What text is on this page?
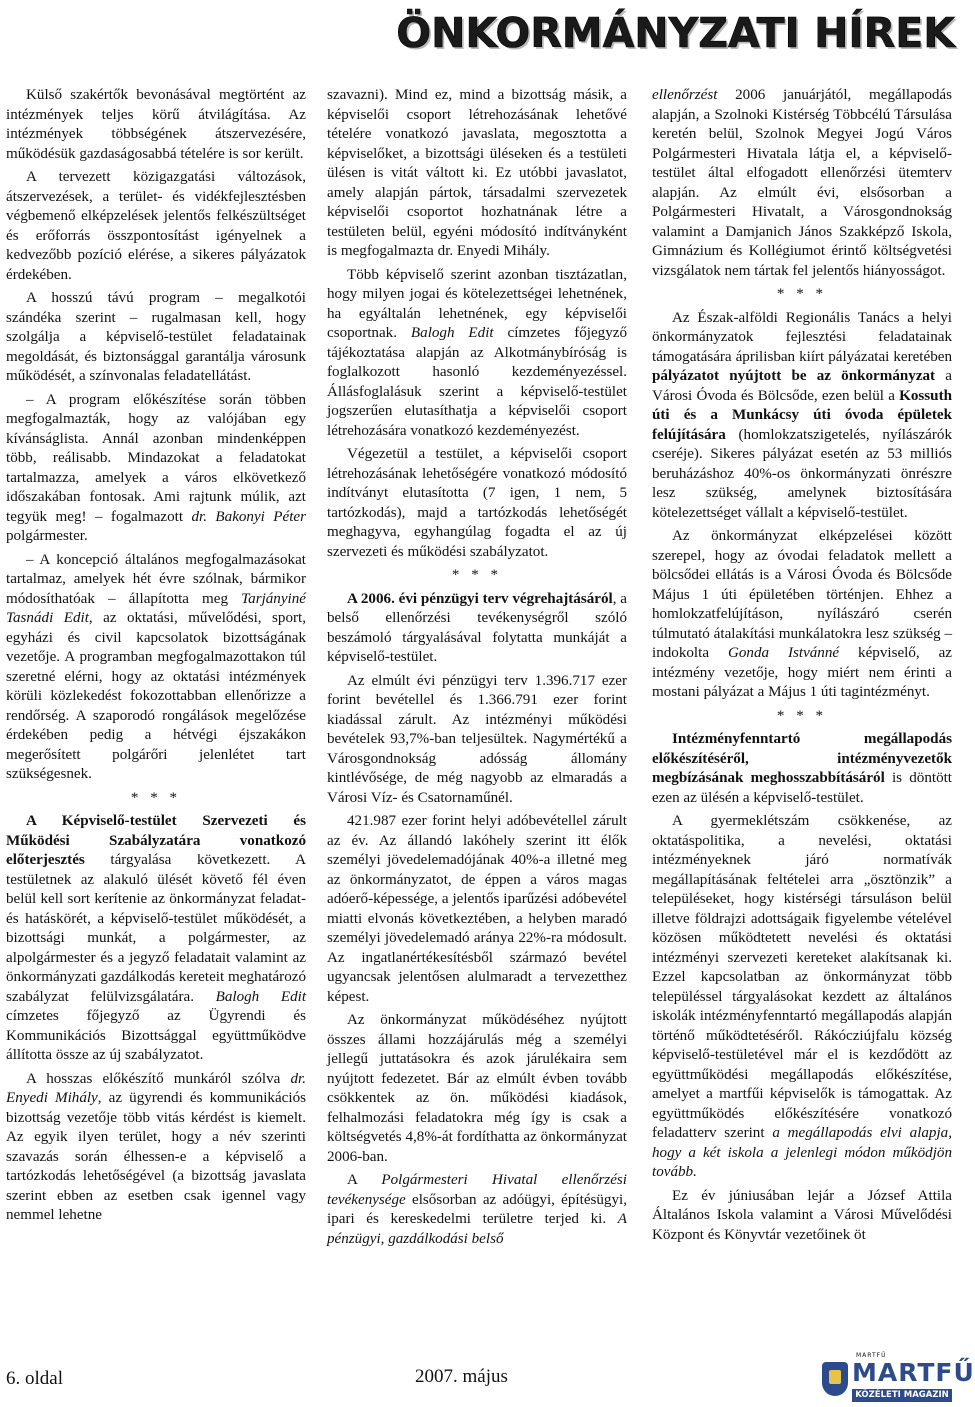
ÖNKORMÁNYZATI HÍREK

Külső szakértők bevonásával megtörtént az intézmények teljes körű átvilágítása. Az intézmények többségének átszervezésére, működésük gazdaságosabbá tételére is sor került.

A tervezett közigazgatási változások, átszervezések, a terület- és vidékfejlesztésben végbemenő elképzelések jelentős felkészültséget és erőforrás összpontosítást igényelnek a kedvezőbb pozíció elérése, a sikeres pályázatok érdekében.

A hosszú távú program – megalkotói szándéka szerint – rugalmasan kell, hogy szolgálja a képviselő-testület feladatainak megoldását, és biztonsággal garantálja városunk működését, a színvonalas feladatellátást.

– A program előkészítése során többen megfogalmazták, hogy az valójában egy kívánságlista. Annál azonban mindenképpen több, reálisabb. Mindazokat a feladatokat tartalmazza, amelyek a város elkövetkező időszakában fontosak. Ami rajtunk múlik, azt tegyük meg! – fogalmazott dr. Bakonyi Péter polgármester.

– A koncepció általános megfogalmazásokat tartalmaz, amelyek hét évre szólnak, bármikor módosíthatóak – állapította meg Tarjányiné Tasnádi Edit, az oktatási, művelődési, sport, egyházi és civil kapcsolatok bizottságának vezetője. A programban megfogalmazottakon túl szeretné elérni, hogy az oktatási intézmények körüli közlekedést fokozottabban ellenőrizze a rendőrség. A szaporodó rongálások megelőzése érdekében pedig a hétvégi éjszakákon megerősített polgárőri jelenlétet tart szükségesnek.

* * *

A Képviselő-testület Szervezeti és Működési Szabályzatára vonatkozó előterjesztés tárgyalása következett. A testületnek az alakuló ülését követő fél éven belül kell sort kerítenie az önkormányzat feladat- és hatáskörét, a képviselő-testület működését, a bizottsági munkát, a polgármester, az alpolgármester és a jegyző feladatait valamint az önkormányzati gazdálkodás kereteit meghatározó szabályzat felülvizsgálatára. Balogh Edit címzetes főjegyző az Ügyrendi és Kommunikációs Bizottsággal együttműködve állította össze az új szabályzatot.

A hosszas előkészítő munkáról szólva dr. Enyedi Mihály, az ügyrendi és kommunikációs bizottság vezetője több vitás kérdést is kiemelt. Az egyik ilyen terület, hogy a név szerinti szavazás során élhessen-e a képviselő a tartózkodás lehetőségével (a bizottság javaslata szerint ebben az esetben csak igennel vagy nemmel lehetne

szavazni). Mind ez, mind a bizottság másik, a képviselői csoport létrehozásának lehetővé tételére vonatkozó javaslata, megosztotta a képviselőket, a bizottsági üléseken és a testületi ülésen is vitát váltott ki. Ez utóbbi javaslatot, amely alapján pártok, társadalmi szervezetek képviselői csoportot hozhatnának létre a testületen belül, egyéni módosító indítványként is megfogalmazta dr. Enyedi Mihály.

Több képviselő szerint azonban tisztázatlan, hogy milyen jogai és kötelezettségei lehetnének, ha egyáltalán lehetnének, egy képviselői csoportnak. Balogh Edit címzetes főjegyző tájékoztatása alapján az Alkotmánybíróság is foglalkozott hasonló kezdeményezéssel. Állásfoglalásuk szerint a képviselő-testület jogszerűen elutasíthatja a képviselői csoport létrehozására vonatkozó kezdeményezést.

Végezetül a testület, a képviselői csoport létrehozásának lehetőségére vonatkozó módosító indítványt elutasította (7 igen, 1 nem, 5 tartózkodás), majd a tartózkodás lehetőségét meghagyva, egyhangúlag fogadta el az új szervezeti és működési szabályzatot.

* * *

A 2006. évi pénzügyi terv végrehajtásáról, a belső ellenőrzési tevékenységről szóló beszámoló tárgyalásával folytatta munkáját a képviselő-testület.

Az elmúlt évi pénzügyi terv 1.396.717 ezer forint bevétellel és 1.366.791 ezer forint kiadással zárult. Az intézményi működési bevételek 93,7%-ban teljesültek. Nagymértékű a Városgondnokság adósság állomány kintlévősége, de még nagyobb az elmaradás a Városi Víz- és Csatornaműnél.

421.987 ezer forint helyi adóbevétellel zárult az év. Az állandó lakóhely szerint itt élők személyi jövedelemadójának 40%-a illetné meg az önkormányzatot, de éppen a város magas adóerő-képessége, a jelentős iparűzési adóbevétel miatti elvonás következtében, a helyben maradó személyi jövedelemadó aránya 22%-ra módosult. Az ingatlanértékesítésből származó bevétel ugyancsak jelentősen alulmaradt a tervezetthez képest.

Az önkormányzat működéséhez nyújtott összes állami hozzájárulás még a személyi jellegű juttatásokra és azok járulékaira sem nyújtott fedezetet. Bár az elmúlt évben tovább csökkentek az ön. működési kiadások, felhalmozási feladatokra még így is csak a költségvetés 4,8%-át fordíthatta az önkormányzat 2006-ban.

A Polgármesteri Hivatal ellenőrzési tevékenysége elsősorban az adóügyi, építésügyi, ipari és kereskedelmi területre terjed ki. A pénzügyi, gazdálkodási belső

ellenőrzést 2006 januárjától, megállapodás alapján, a Szolnoki Kistérség Többcélú Társulása keretén belül, Szolnok Megyei Jogú Város Polgármesteri Hivatala látja el, a képviselő-testület által elfogadott ellenőrzési ütemterv alapján. Az elmúlt évi, elsősorban a Polgármesteri Hivatalt, a Városgondnokság valamint a Damjanich János Szakképző Iskola, Gimnázium és Kollégiumot érintő költségvetési vizsgálatok nem tártak fel jelentős hiányosságot.

* * *

Az Észak-alföldi Regionális Tanács a helyi önkormányzatok fejlesztési feladatainak támogatására áprilisban kiírt pályázatai keretében pályázatot nyújtott be az önkormányzat a Városi Óvoda és Bölcsőde, ezen belül a Kossuth úti és a Munkácsy úti óvoda épületek felújítására (homlokzatszigetelés, nyílászárók cseréje). Sikeres pályázat esetén az 53 milliós beruházáshoz 40%-os önkormányzati önrészre lesz szükség, amelynek biztosítására kötelezettséget vállalt a képviselő-testület.

Az önkormányzat elképzelései között szerepel, hogy az óvodai feladatok mellett a bölcsődei ellátás is a Városi Óvoda és Bölcsőde Május 1 úti épületében történjen. Ehhez a homlokzatfelújításon, nyílászáró cserén túlmutató átalakítási munkálatokra lesz szükség – indokolta Gonda Istvánné képviselő, az intézmény vezetője, hogy miért nem érinti a mostani pályázat a Május 1 úti tagintézményt.

* * *

Intézményfenntartó megállapodás előkészítéséről, intézményvezetők megbízásának meghosszabbításáról is döntött ezen az ülésén a képviselő-testület.

A gyermeklétszám csökkenése, az oktatáspolitika, a nevelési, oktatási intézményeknek járó normatívák megállapításának feltételei arra „ösztönzik” a településeket, hogy kistérségi társuláson belül illetve földrajzi adottságaik figyelembe vételével közösen működtetett nevelési és oktatási intézményi szervezeti kereteket alakítsanak ki. Ezzel kapcsolatban az önkormányzat több településsel tárgyalásokat kezdett az általános iskolák intézményfenntartó megállapodás alapján történő működtetéséről. Rákócziújfalu község képviselő-testületével már el is kezdődött az együttműködési megállapodás előkészítése, amelyet a martfűi képviselők is támogattak. Az együttműködés előkészítésére vonatkozó feladatterv szerint a megállapodás elvi alapja, hogy a két iskola a jelenlegi módon működjön tovább.

Ez év júniusában lejár a József Attila Általános Iskola valamint a Városi Művelődési Központ és Könyvtár vezetőinek öt

6. oldal	2007. május
MARTFŰ
MARTFŰ
KÖZÉLETI MAGAZIN
